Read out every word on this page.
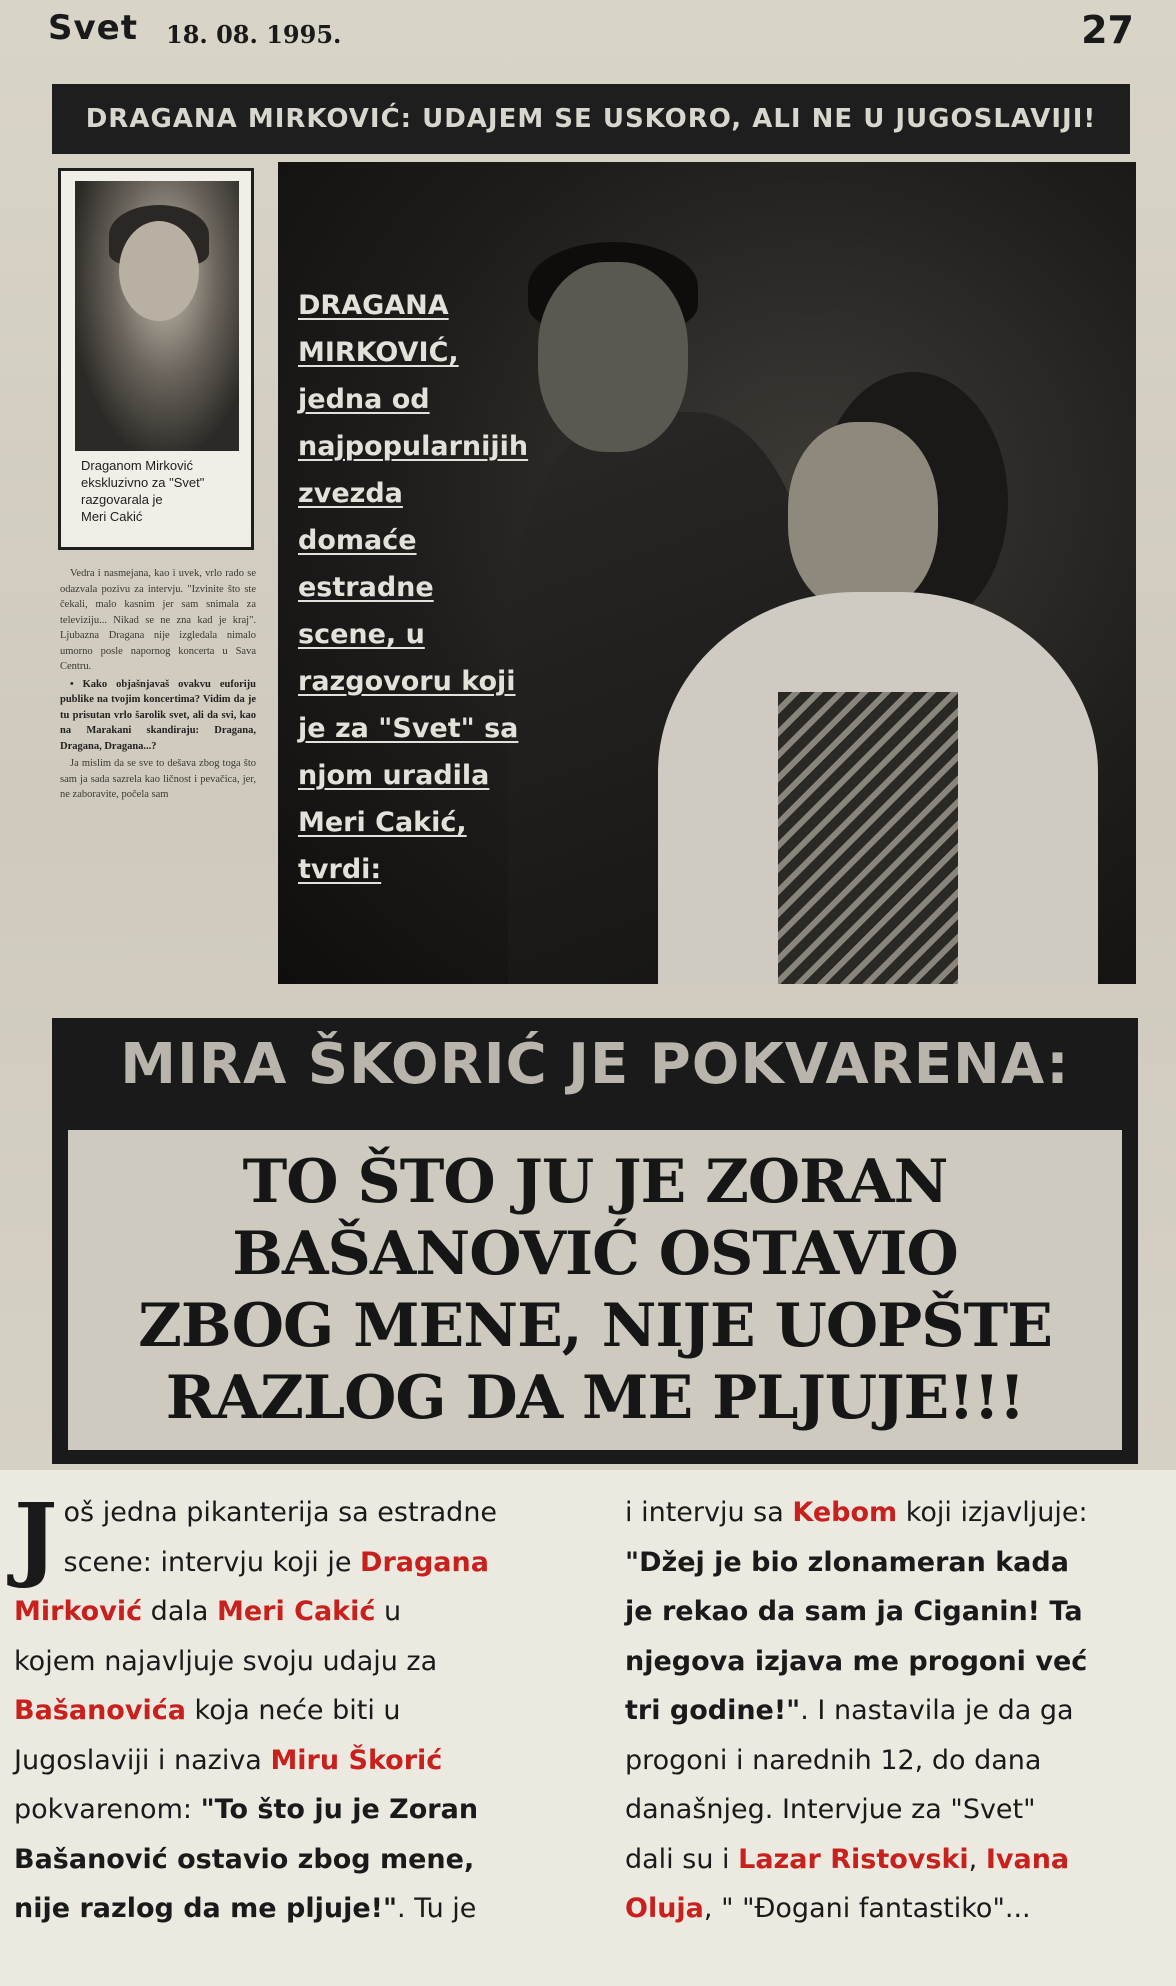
Svet 18. 08. 1995.	27
DRAGANA MIRKOVIĆ: UDAJEM SE USKORO, ALI NE U JUGOSLAVIJI!
Draganom Mirković
ekskluzivno za "Svet"
razgovarala je
Meri Cakić

Vedra i nasmejana, kao i uvek, vrlo rado se odazvala pozivu za intervju. "Izvinite što ste čekali, malo kasnim jer sam snimala za televiziju... Nikad se ne zna kad je kraj". Ljubazna Dragana nije izgledala nimalo umorno posle napornog koncerta u Sava Centru.

• Kako objašnjavaš ovakvu euforiju publike na tvojim koncertima? Vidim da je tu prisutan vrlo šarolik svet, ali da svi, kao na Marakani skandiraju: Dragana, Dragana, Dragana...?

Ja mislim da se sve to dešava zbog toga što sam ja sada sazrela kao ličnost i pevačica, jer, ne zaboravite, počela sam

DRAGANA
MIRKOVIĆ,
jedna od
najpopularnijih
zvezda
domaće
estradne
scene, u
razgovoru koji
je za "Svet" sa
njom uradila
Meri Cakić,
tvrdi:
MIRA ŠKORIĆ JE POKVARENA:
TO ŠTO JU JE ZORAN
BAŠANOVIĆ OSTAVIO
ZBOG MENE, NIJE UOPŠTE
RAZLOG DA ME PLJUJE!!!
J oš jedna pikanterija sa estradne
scene: intervju koji je Dragana
Mirković dala Meri Cakić u
kojem najavljuje svoju udaju za
Bašanovića koja neće biti u
Jugoslaviji i naziva Miru Škorić
pokvarenom: "To što ju je Zoran
Bašanović ostavio zbog mene,
nije razlog da me pljuje!". Tu je
i intervju sa Kebom koji izjavljuje:
"Džej je bio zlonameran kada
je rekao da sam ja Ciganin! Ta
njegova izjava me progoni već
tri godine!". I nastavila je da ga
progoni i narednih 12, do dana
današnjeg. Intervjue za "Svet"
dali su i Lazar Ristovski, Ivana
Oluja, " "Đogani fantastiko"...
